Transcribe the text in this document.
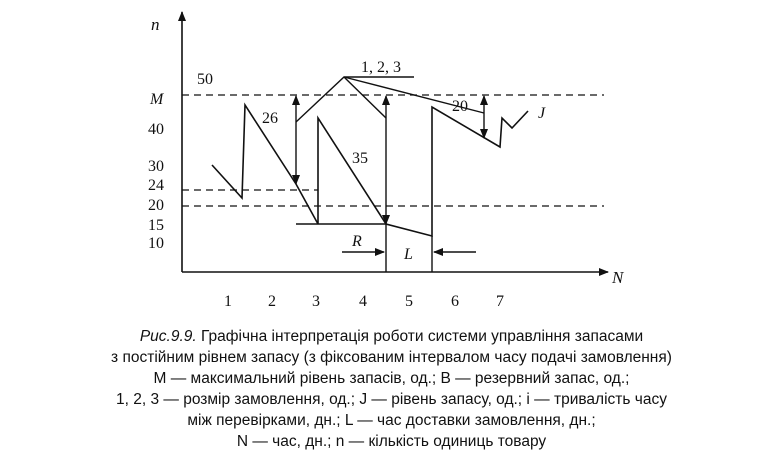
n
N
50
M
40
30
24
20
15
10
1 2 3 4 5 6 7
1, 2, 3
J
26
35
20
R
L
Рис.9.9. Графічна інтерпретація роботи системи управління запасами
з постійним рівнем запасу (з фіксованим інтервалом часу подачі замовлення)
M — максимальний рівень запасів, од.; B — резервний запас, од.;
1, 2, 3 — розмір замовлення, од.; J — рівень запасу, од.; i — тривалість часу
між перевірками, дн.; L — час доставки замовлення, дн.;
N — час, дн.; n — кількість одиниць товару
